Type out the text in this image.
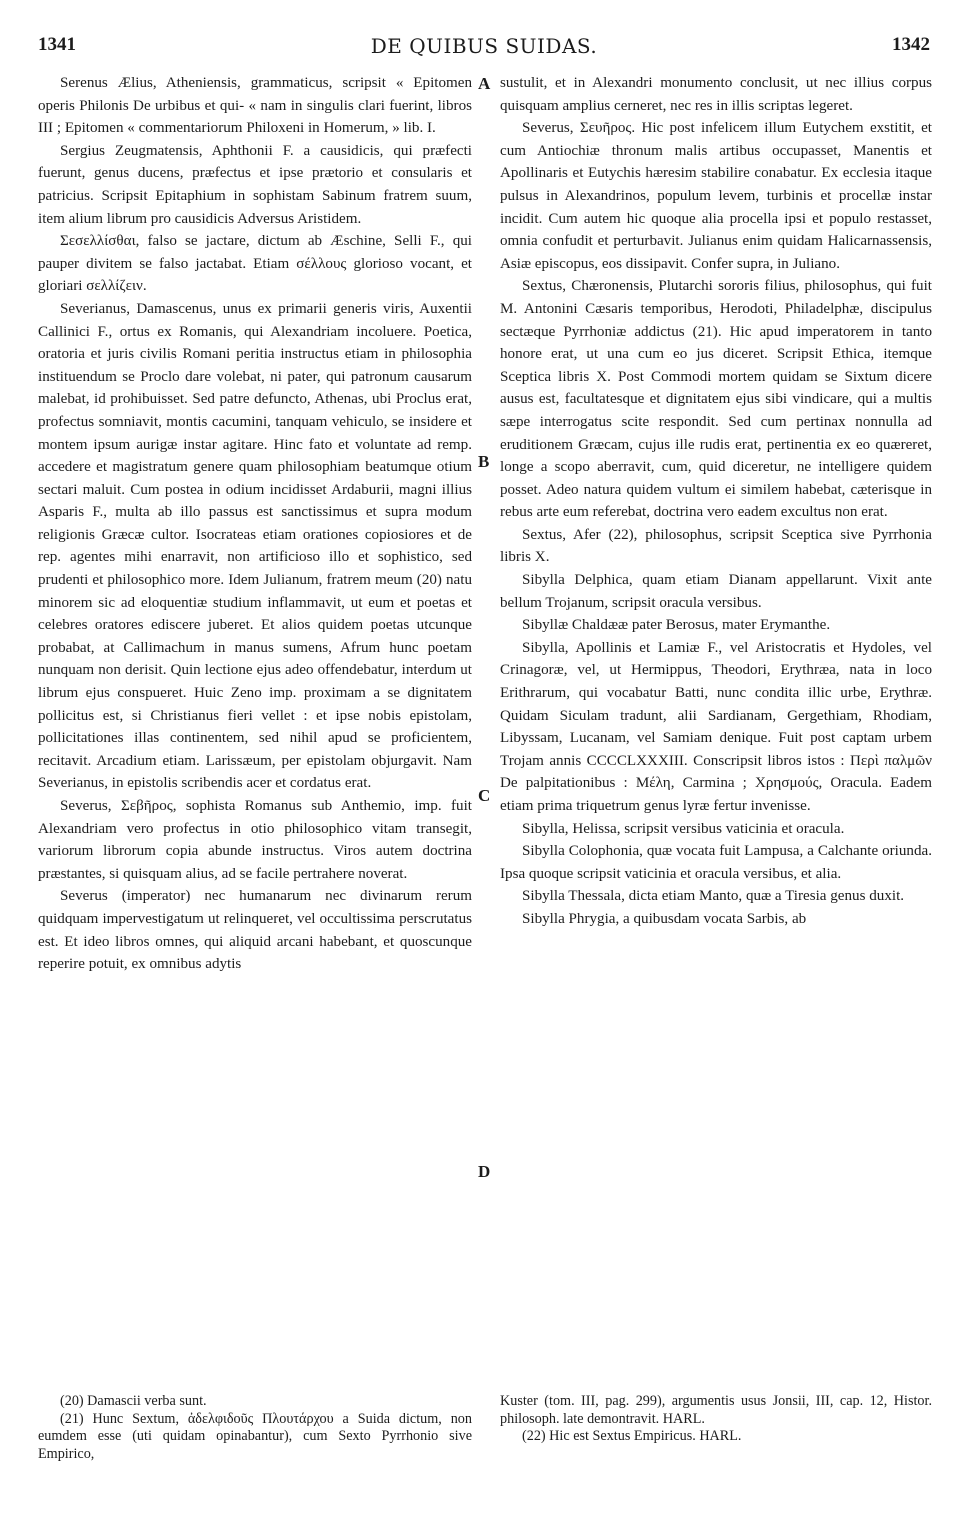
1341	DE QUIBUS SUIDAS.	1342

Serenus Ælius, Atheniensis, grammaticus, scripsit « Epitomen operis Philonis De urbibus et qui- « nam in singulis clari fuerint, libros III ; Epitomen « commentariorum Philoxeni in Homerum, » lib. I.

Sergius Zeugmatensis, Aphthonii F. a causidicis, qui præfecti fuerunt, genus ducens, præfectus et ipse prætorio et consularis et patricius. Scripsit Epitaphium in sophistam Sabinum fratrem suum, item alium librum pro causidicis Adversus Aristidem.

Σεσελλίσθαι, falso se jactare, dictum ab Æschine, Selli F., qui pauper divitem se falso jactabat. Etiam σέλλους glorioso vocant, et gloriari σελλίζειν.

Severianus, Damascenus, unus ex primarii generis viris, Auxentii Callinici F., ortus ex Romanis, qui Alexandriam incoluere. Poetica, oratoria et juris civilis Romani peritia instructus etiam in philosophia instituendum se Proclo dare volebat, ni pater, qui patronum causarum malebat, id prohibuisset. Sed patre defuncto, Athenas, ubi Proclus erat, profectus somniavit, montis cacumini, tanquam vehiculo, se insidere et montem ipsum aurigæ instar agitare. Hinc fato et voluntate ad remp. accedere et magistratum genere quam philosophiam beatumque otium sectari maluit. Cum postea in odium incidisset Ardaburii, magni illius Asparis F., multa ab illo passus est sanctissimus et supra modum religionis Græcæ cultor. Isocrateas etiam orationes copiosiores et de rep. agentes mihi enarravit, non artificioso illo et sophistico, sed prudenti et philosophico more. Idem Julianum, fratrem meum (20) natu minorem sic ad eloquentiæ studium inflammavit, ut eum et poetas et celebres oratores ediscere juberet. Et alios quidem poetas utcunque probabat, at Callimachum in manus sumens, Afrum hunc poetam nunquam non derisit. Quin lectione ejus adeo offendebatur, interdum ut librum ejus conspueret. Huic Zeno imp. proximam a se dignitatem pollicitus est, si Christianus fieri vellet : et ipse nobis epistolam, pollicitationes illas continentem, sed nihil apud se proficientem, recitavit. Arcadium etiam. Larissæum, per epistolam objurgavit. Nam Severianus, in epistolis scribendis acer et cordatus erat.

Severus, Σεβῆρος, sophista Romanus sub Anthemio, imp. fuit Alexandriam vero profectus in otio philosophico vitam transegit, variorum librorum copia abunde instructus. Viros autem doctrina præstantes, si quisquam alius, ad se facile pertrahere noverat.

Severus (imperator) nec humanarum nec divinarum rerum quidquam impervestigatum ut relinqueret, vel occultissima perscrutatus est. Et ideo libros omnes, qui aliquid arcani habebant, et quoscunque reperire potuit, ex omnibus adytis

A
B
C
D

sustulit, et in Alexandri monumento conclusit, ut nec illius corpus quisquam amplius cerneret, nec res in illis scriptas legeret.

Severus, Σευῆρος. Hic post infelicem illum Eutychem exstitit, et cum Antiochiæ thronum malis artibus occupasset, Manentis et Apollinaris et Eutychis hæresim stabilire conabatur. Ex ecclesia itaque pulsus in Alexandrinos, populum levem, turbinis et procellæ instar incidit. Cum autem hic quoque alia procella ipsi et populo restasset, omnia confudit et perturbavit. Julianus enim quidam Halicarnassensis, Asiæ episcopus, eos dissipavit. Confer supra, in Juliano.

Sextus, Chæronensis, Plutarchi sororis filius, philosophus, qui fuit M. Antonini Cæsaris temporibus, Herodoti, Philadelphæ, discipulus sectæque Pyrrhoniæ addictus (21). Hic apud imperatorem in tanto honore erat, ut una cum eo jus diceret. Scripsit Ethica, itemque Sceptica libris X. Post Commodi mortem quidam se Sixtum dicere ausus est, facultatesque et dignitatem ejus sibi vindicare, qui a multis sæpe interrogatus scite respondit. Sed cum pertinax nonnulla ad eruditionem Græcam, cujus ille rudis erat, pertinentia ex eo quæreret, longe a scopo aberravit, cum, quid diceretur, ne intelligere quidem posset. Adeo natura quidem vultum ei similem habebat, cæterisque in rebus arte eum referebat, doctrina vero eadem excultus non erat.

Sextus, Afer (22), philosophus, scripsit Sceptica sive Pyrrhonia libris X.

Sibylla Delphica, quam etiam Dianam appellarunt. Vixit ante bellum Trojanum, scripsit oracula versibus.

Sibyllæ Chaldææ pater Berosus, mater Erymanthe.

Sibylla, Apollinis et Lamiæ F., vel Aristocratis et Hydoles, vel Crinagoræ, vel, ut Hermippus, Theodori, Erythræa, nata in loco Erithrarum, qui vocabatur Batti, nunc condita illic urbe, Erythræ. Quidam Siculam tradunt, alii Sardianam, Gergethiam, Rhodiam, Libyssam, Lucanam, vel Samiam denique. Fuit post captam urbem Trojam annis CCCCLXXXIII. Conscripsit libros istos : Περὶ παλμῶν De palpitationibus : Μέλη, Carmina ; Χρησμούς, Oracula. Eadem etiam prima triquetrum genus lyræ fertur invenisse.

Sibylla, Helissa, scripsit versibus vaticinia et oracula.

Sibylla Colophonia, quæ vocata fuit Lampusa, a Calchante oriunda. Ipsa quoque scripsit vaticinia et oracula versibus, et alia.

Sibylla Thessala, dicta etiam Manto, quæ a Tiresia genus duxit.

Sibylla Phrygia, a quibusdam vocata Sarbis, ab

(20) Damascii verba sunt.

(21) Hunc Sextum, ἀδελφιδοῦς Πλουτάρχου a Suida dictum, non eumdem esse (uti quidam opinabantur), cum Sexto Pyrrhonio sive Empirico,

Kuster (tom. III, pag. 299), argumentis usus Jonsii, III, cap. 12, Histor. philosoph. late demontravit. HARL.

(22) Hic est Sextus Empiricus. HARL.
